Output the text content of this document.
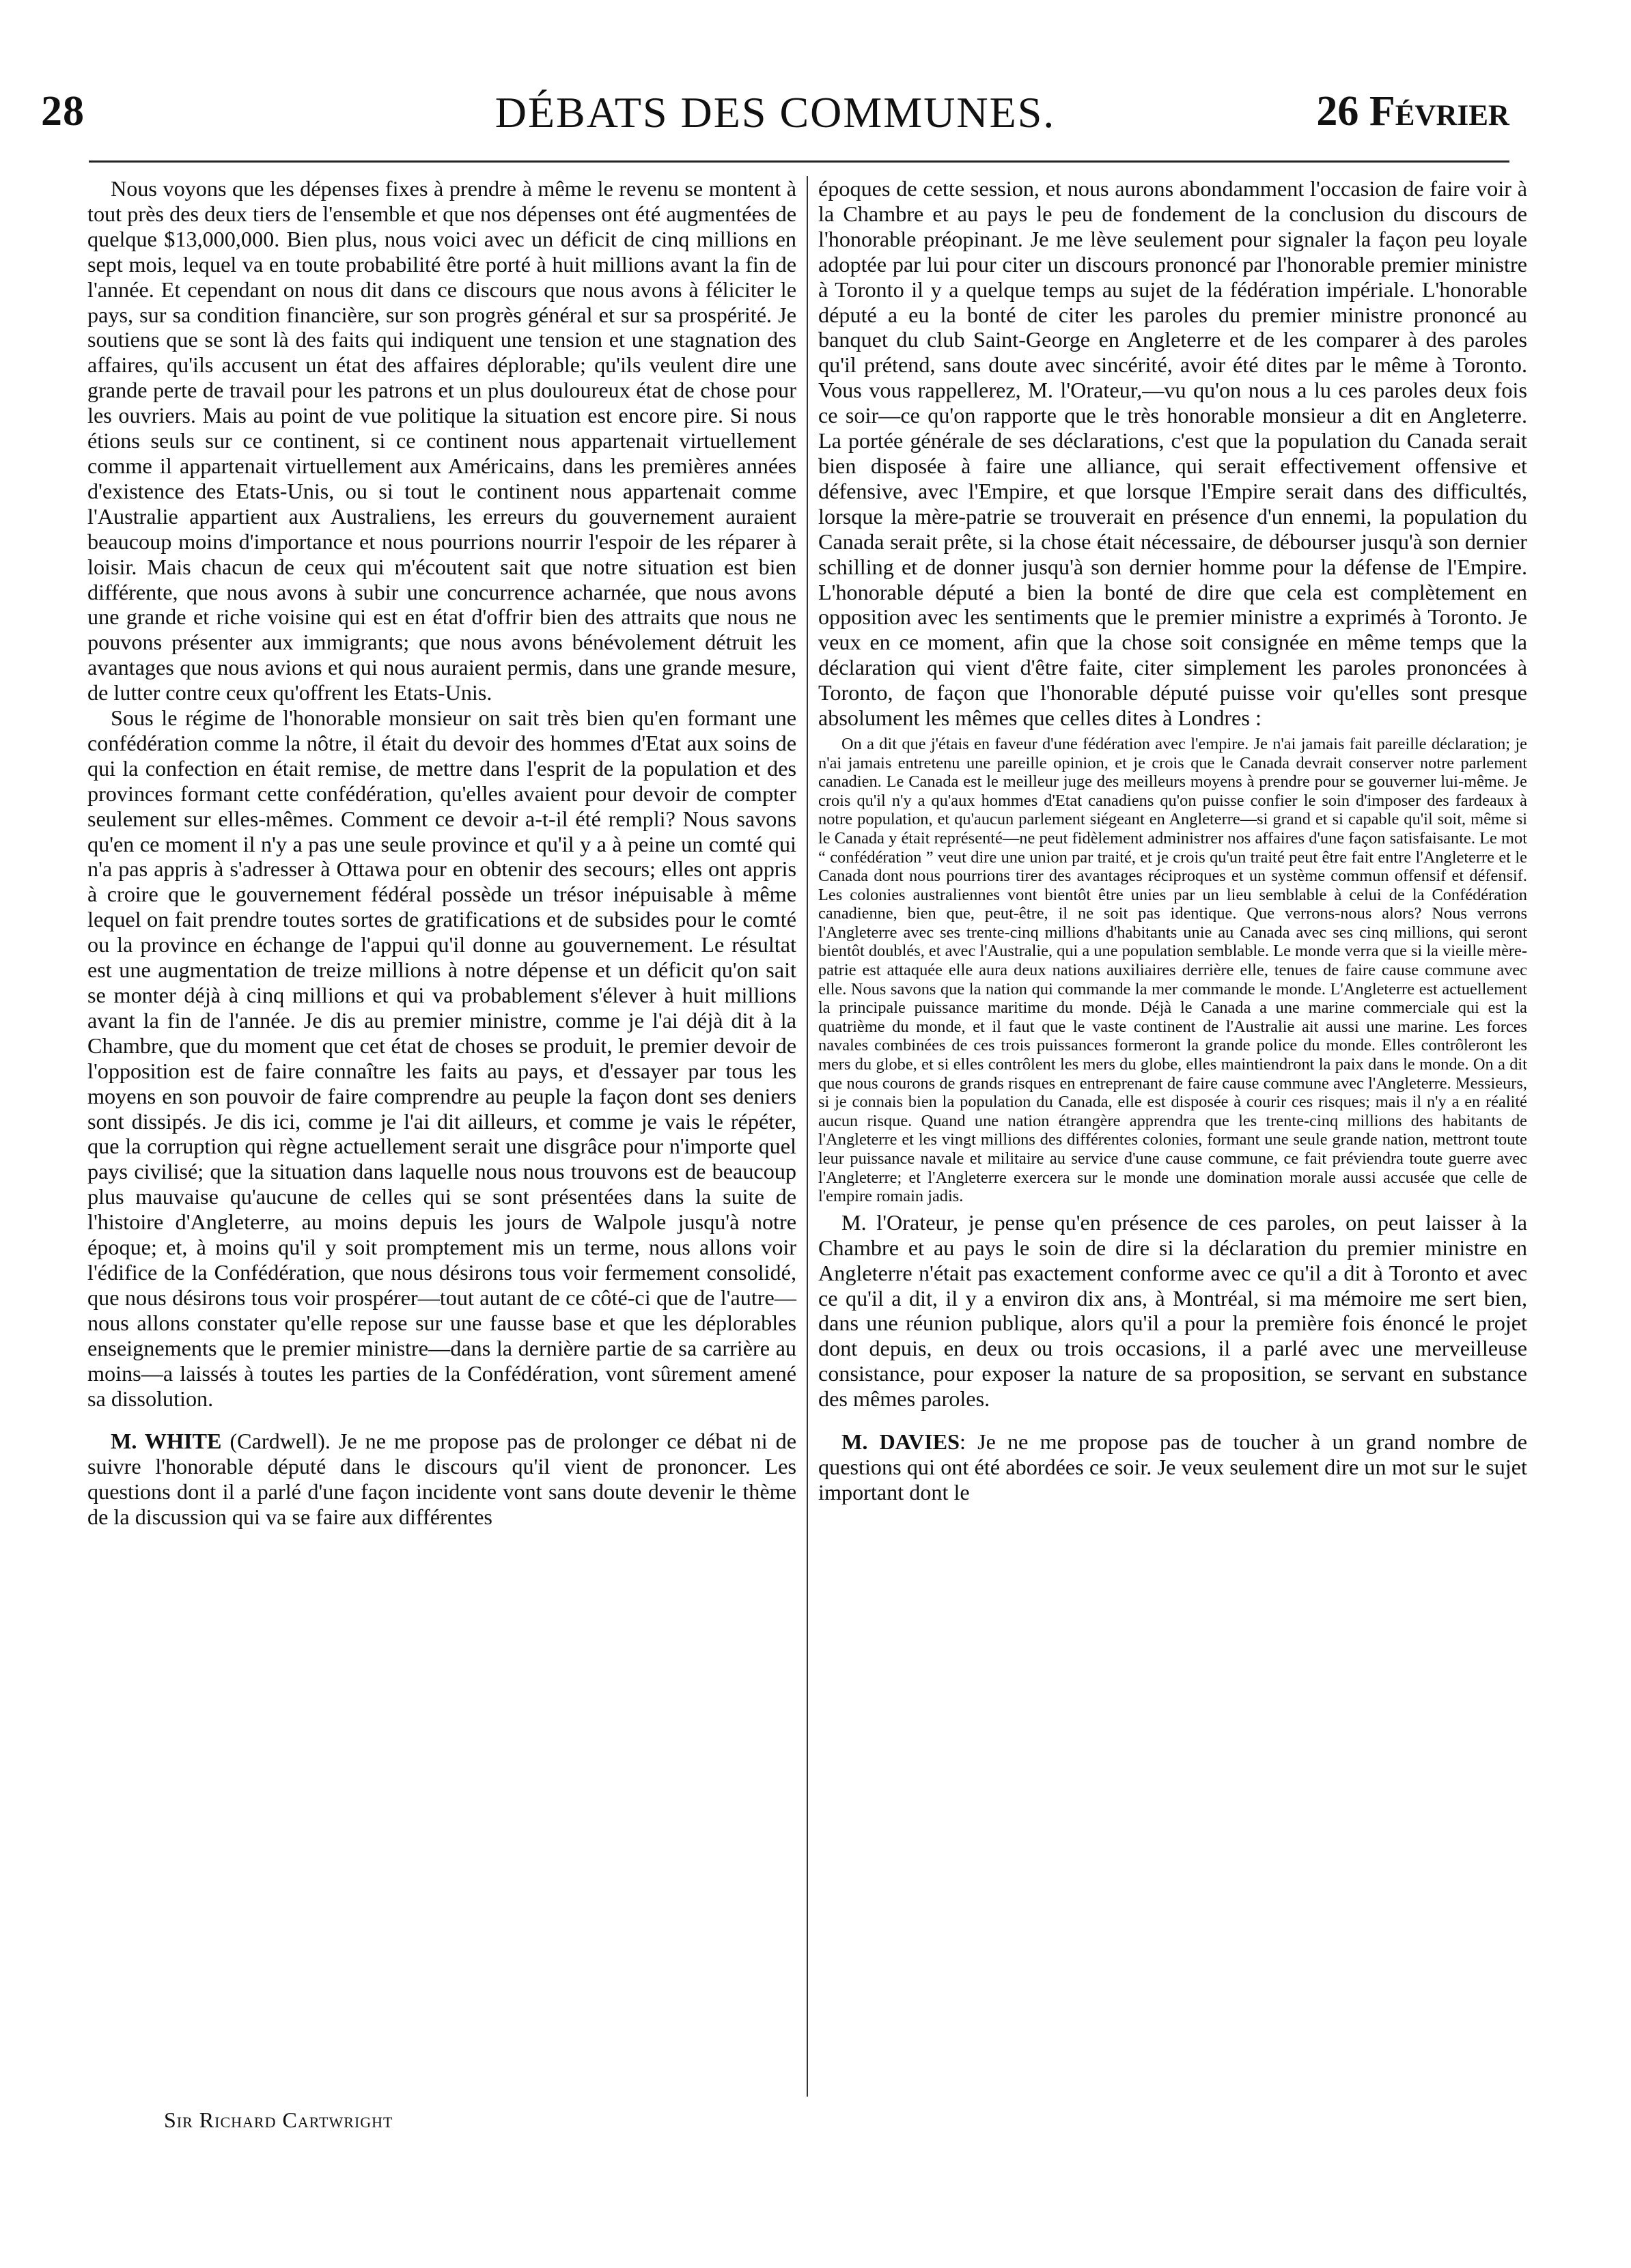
28	DÉBATS DES COMMUNES.	26 Février

Nous voyons que les dépenses fixes à prendre à même le revenu se montent à tout près des deux tiers de l'ensemble et que nos dépenses ont été augmentées de quelque $13,000,000. Bien plus, nous voici avec un déficit de cinq millions en sept mois, lequel va en toute probabilité être porté à huit millions avant la fin de l'année. Et cependant on nous dit dans ce discours que nous avons à féliciter le pays, sur sa condition financière, sur son progrès général et sur sa prospérité. Je soutiens que se sont là des faits qui indiquent une tension et une stagnation des affaires, qu'ils accusent un état des affaires déplorable; qu'ils veulent dire une grande perte de travail pour les patrons et un plus douloureux état de chose pour les ouvriers. Mais au point de vue politique la situation est encore pire. Si nous étions seuls sur ce continent, si ce continent nous appartenait virtuellement comme il appartenait virtuellement aux Américains, dans les premières années d'existence des Etats-Unis, ou si tout le continent nous appartenait comme l'Australie appartient aux Australiens, les erreurs du gouvernement auraient beaucoup moins d'importance et nous pourrions nourrir l'espoir de les réparer à loisir. Mais chacun de ceux qui m'écoutent sait que notre situation est bien différente, que nous avons à subir une concurrence acharnée, que nous avons une grande et riche voisine qui est en état d'offrir bien des attraits que nous ne pouvons présenter aux immigrants; que nous avons bénévolement détruit les avantages que nous avions et qui nous auraient permis, dans une grande mesure, de lutter contre ceux qu'offrent les Etats-Unis.

Sous le régime de l'honorable monsieur on sait très bien qu'en formant une confédération comme la nôtre, il était du devoir des hommes d'Etat aux soins de qui la confection en était remise, de mettre dans l'esprit de la population et des provinces formant cette confédération, qu'elles avaient pour devoir de compter seulement sur elles-mêmes. Comment ce devoir a-t-il été rempli? Nous savons qu'en ce moment il n'y a pas une seule province et qu'il y a à peine un comté qui n'a pas appris à s'adresser à Ottawa pour en obtenir des secours; elles ont appris à croire que le gouvernement fédéral possède un trésor inépuisable à même lequel on fait prendre toutes sortes de gratifications et de subsides pour le comté ou la province en échange de l'appui qu'il donne au gouvernement. Le résultat est une augmentation de treize millions à notre dépense et un déficit qu'on sait se monter déjà à cinq millions et qui va probablement s'élever à huit millions avant la fin de l'année. Je dis au premier ministre, comme je l'ai déjà dit à la Chambre, que du moment que cet état de choses se produit, le premier devoir de l'opposition est de faire connaître les faits au pays, et d'essayer par tous les moyens en son pouvoir de faire comprendre au peuple la façon dont ses deniers sont dissipés. Je dis ici, comme je l'ai dit ailleurs, et comme je vais le répéter, que la corruption qui règne actuellement serait une disgrâce pour n'importe quel pays civilisé; que la situation dans laquelle nous nous trouvons est de beaucoup plus mauvaise qu'aucune de celles qui se sont présentées dans la suite de l'histoire d'Angleterre, au moins depuis les jours de Walpole jusqu'à notre époque; et, à moins qu'il y soit promptement mis un terme, nous allons voir l'édifice de la Confédération, que nous désirons tous voir fermement consolidé, que nous désirons tous voir prospérer—tout autant de ce côté-ci que de l'autre—nous allons constater qu'elle repose sur une fausse base et que les déplorables enseignements que le premier ministre—dans la dernière partie de sa carrière au moins—a laissés à toutes les parties de la Confédération, vont sûrement amené sa dissolution.

M. WHITE (Cardwell). Je ne me propose pas de prolonger ce débat ni de suivre l'honorable député dans le discours qu'il vient de prononcer. Les questions dont il a parlé d'une façon incidente vont sans doute devenir le thème de la discussion qui va se faire aux différentes

époques de cette session, et nous aurons abondamment l'occasion de faire voir à la Chambre et au pays le peu de fondement de la conclusion du discours de l'honorable préopinant. Je me lève seulement pour signaler la façon peu loyale adoptée par lui pour citer un discours prononcé par l'honorable premier ministre à Toronto il y a quelque temps au sujet de la fédération impériale. L'honorable député a eu la bonté de citer les paroles du premier ministre prononcé au banquet du club Saint-George en Angleterre et de les comparer à des paroles qu'il prétend, sans doute avec sincérité, avoir été dites par le même à Toronto. Vous vous rappellerez, M. l'Orateur,—vu qu'on nous a lu ces paroles deux fois ce soir—ce qu'on rapporte que le très honorable monsieur a dit en Angleterre. La portée générale de ses déclarations, c'est que la population du Canada serait bien disposée à faire une alliance, qui serait effectivement offensive et défensive, avec l'Empire, et que lorsque l'Empire serait dans des difficultés, lorsque la mère-patrie se trouverait en présence d'un ennemi, la population du Canada serait prête, si la chose était nécessaire, de débourser jusqu'à son dernier schilling et de donner jusqu'à son dernier homme pour la défense de l'Empire. L'honorable député a bien la bonté de dire que cela est complètement en opposition avec les sentiments que le premier ministre a exprimés à Toronto. Je veux en ce moment, afin que la chose soit consignée en même temps que la déclaration qui vient d'être faite, citer simplement les paroles prononcées à Toronto, de façon que l'honorable député puisse voir qu'elles sont presque absolument les mêmes que celles dites à Londres :

On a dit que j'étais en faveur d'une fédération avec l'empire. Je n'ai jamais fait pareille déclaration; je n'ai jamais entretenu une pareille opinion, et je crois que le Canada devrait conserver notre parlement canadien. Le Canada est le meilleur juge des meilleurs moyens à prendre pour se gouverner lui-même. Je crois qu'il n'y a qu'aux hommes d'Etat canadiens qu'on puisse confier le soin d'imposer des fardeaux à notre population, et qu'aucun parlement siégeant en Angleterre—si grand et si capable qu'il soit, même si le Canada y était représenté—ne peut fidèlement administrer nos affaires d'une façon satisfaisante. Le mot “ confédération ” veut dire une union par traité, et je crois qu'un traité peut être fait entre l'Angleterre et le Canada dont nous pourrions tirer des avantages réciproques et un système commun offensif et défensif. Les colonies australiennes vont bientôt être unies par un lieu semblable à celui de la Confédération canadienne, bien que, peut-être, il ne soit pas identique. Que verrons-nous alors? Nous verrons l'Angleterre avec ses trente-cinq millions d'habitants unie au Canada avec ses cinq millions, qui seront bientôt doublés, et avec l'Australie, qui a une population semblable. Le monde verra que si la vieille mère-patrie est attaquée elle aura deux nations auxiliaires derrière elle, tenues de faire cause commune avec elle. Nous savons que la nation qui commande la mer commande le monde. L'Angleterre est actuellement la principale puissance maritime du monde. Déjà le Canada a une marine commerciale qui est la quatrième du monde, et il faut que le vaste continent de l'Australie ait aussi une marine. Les forces navales combinées de ces trois puissances formeront la grande police du monde. Elles contrôleront les mers du globe, et si elles contrôlent les mers du globe, elles maintiendront la paix dans le monde. On a dit que nous courons de grands risques en entreprenant de faire cause commune avec l'Angleterre. Messieurs, si je connais bien la population du Canada, elle est disposée à courir ces risques; mais il n'y a en réalité aucun risque. Quand une nation étrangère apprendra que les trente-cinq millions des habitants de l'Angleterre et les vingt millions des différentes colonies, formant une seule grande nation, mettront toute leur puissance navale et militaire au service d'une cause commune, ce fait préviendra toute guerre avec l'Angleterre; et l'Angleterre exercera sur le monde une domination morale aussi accusée que celle de l'empire romain jadis.

M. l'Orateur, je pense qu'en présence de ces paroles, on peut laisser à la Chambre et au pays le soin de dire si la déclaration du premier ministre en Angleterre n'était pas exactement conforme avec ce qu'il a dit à Toronto et avec ce qu'il a dit, il y a environ dix ans, à Montréal, si ma mémoire me sert bien, dans une réunion publique, alors qu'il a pour la première fois énoncé le projet dont depuis, en deux ou trois occasions, il a parlé avec une merveilleuse consistance, pour exposer la nature de sa proposition, se servant en substance des mêmes paroles.

M. DAVIES: Je ne me propose pas de toucher à un grand nombre de questions qui ont été abordées ce soir. Je veux seulement dire un mot sur le sujet important dont le

Sir Richard Cartwright
